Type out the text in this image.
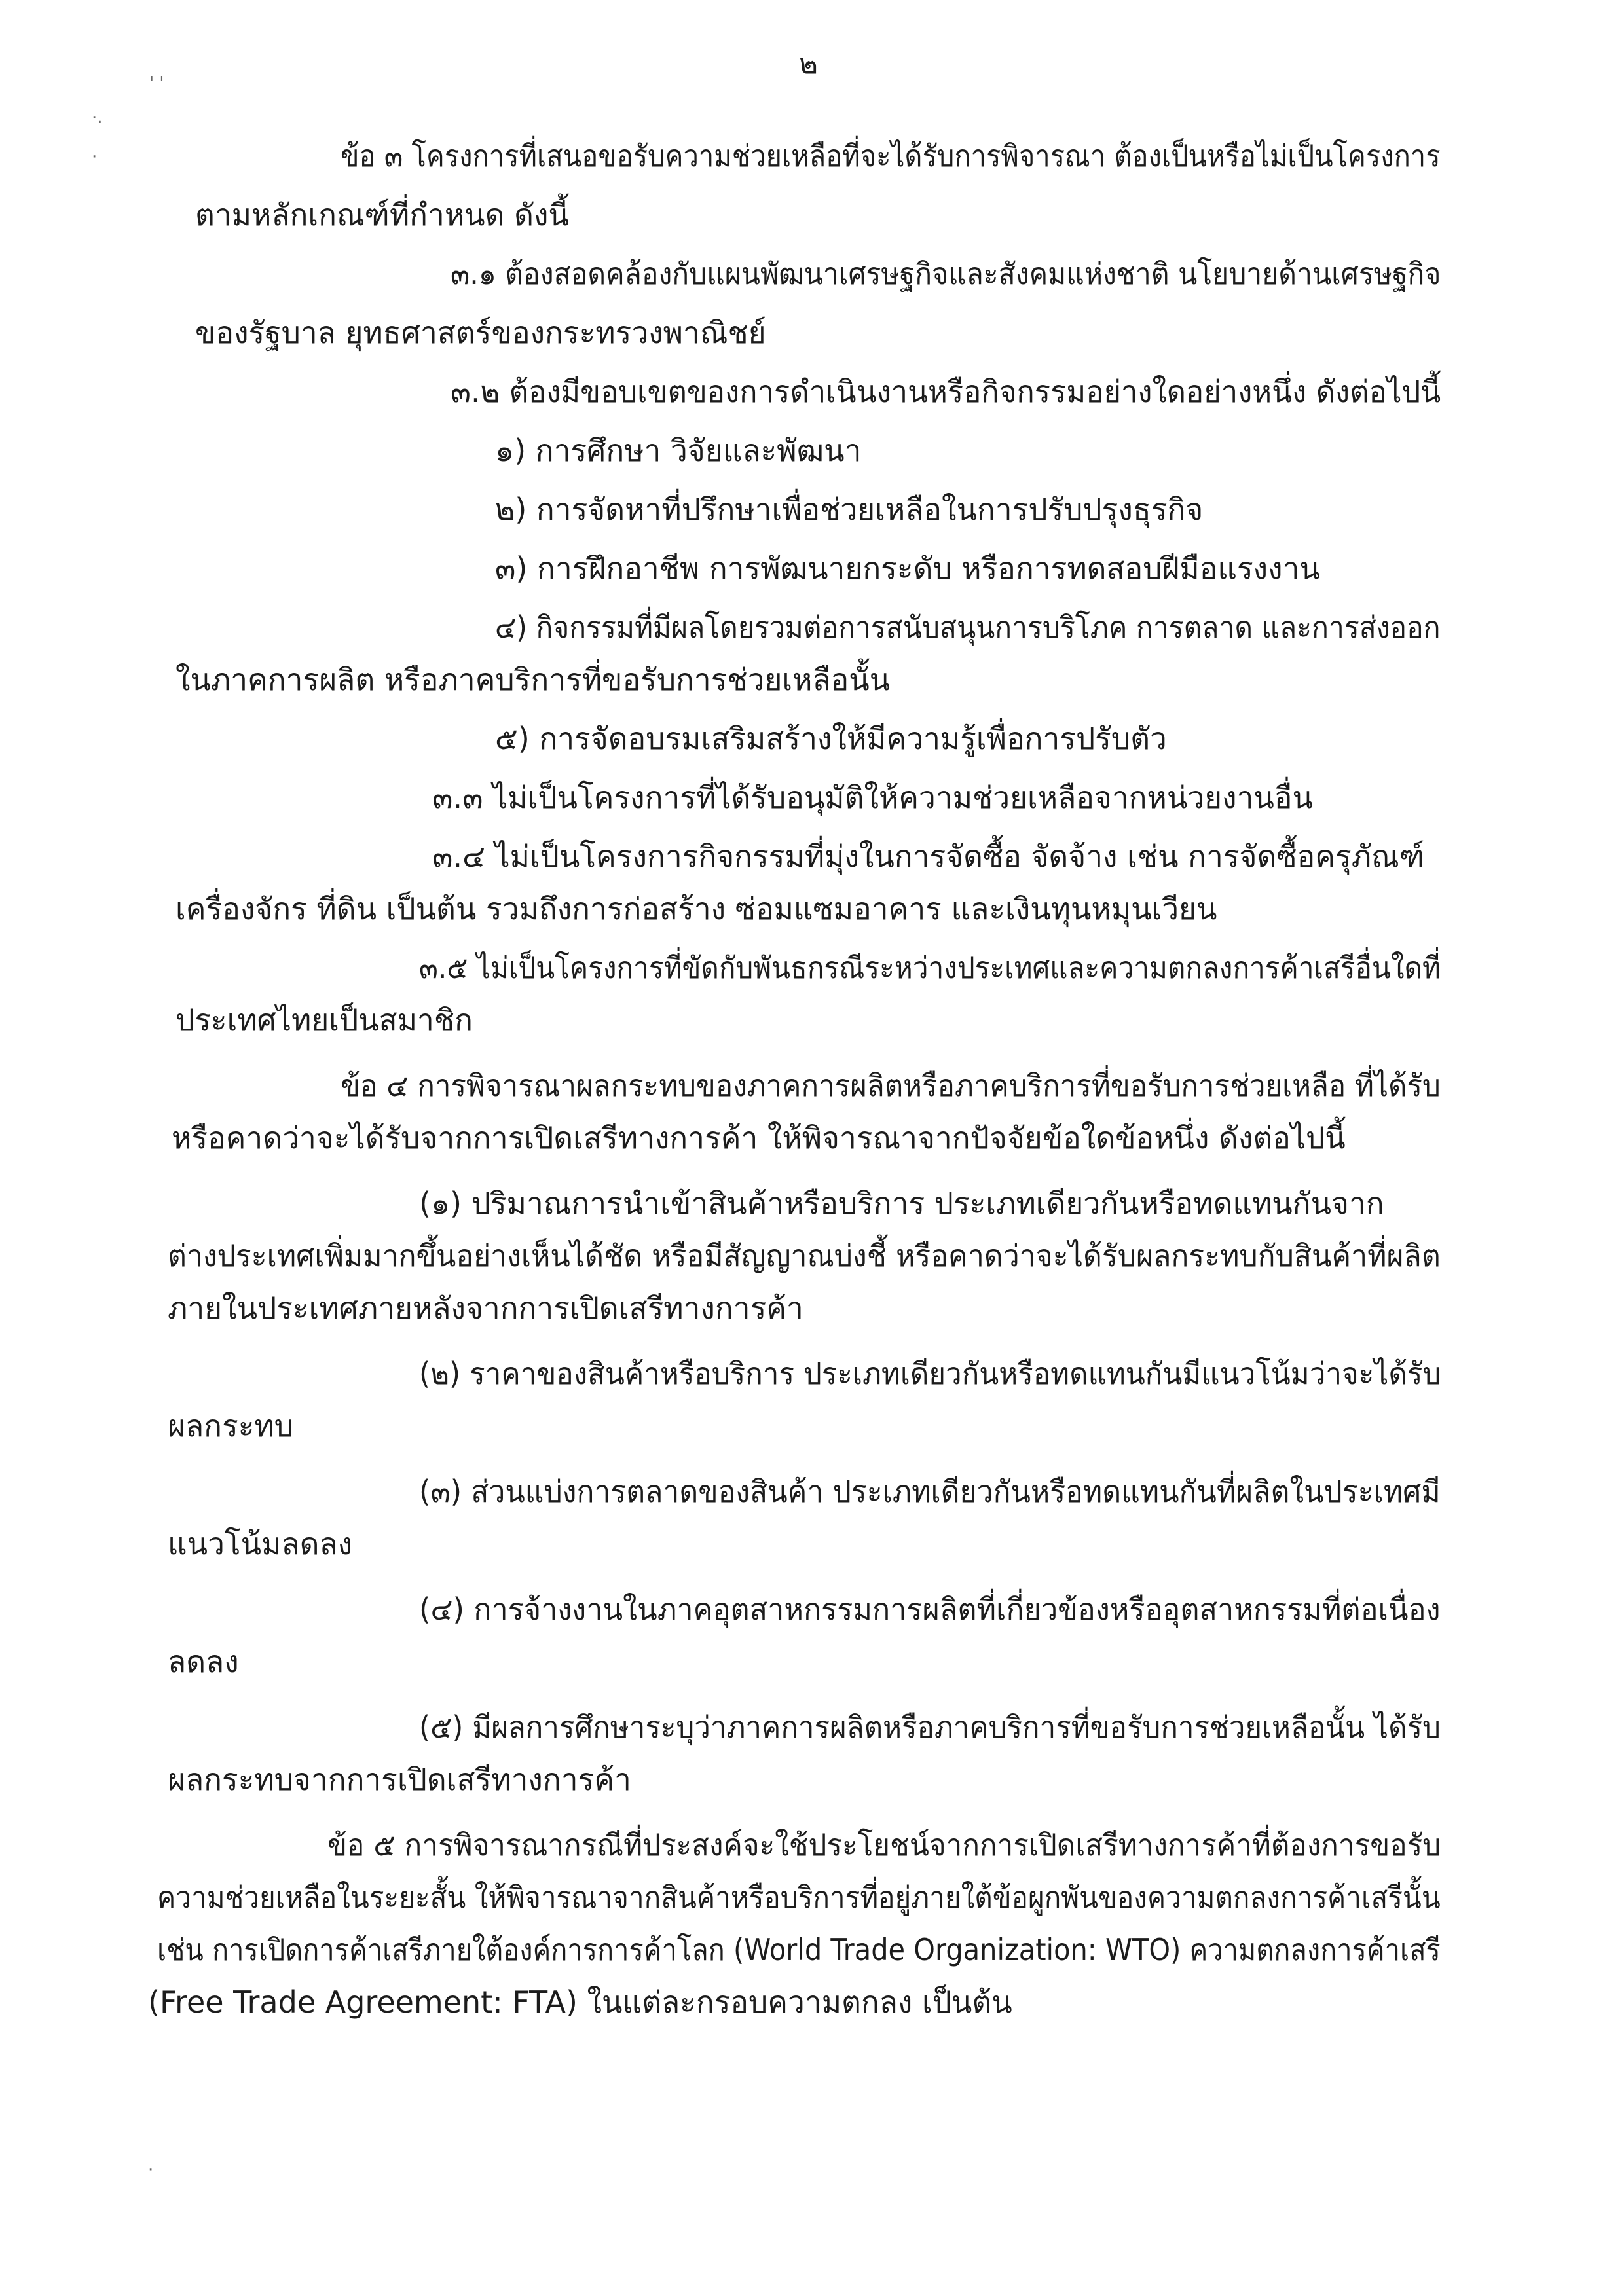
' '
·.
·
๒
ข้อ ๓ โครงการที่เสนอขอรับความช่วยเหลือที่จะได้รับการพิจารณา ต้องเป็นหรือไม่เป็นโครงการ
ตามหลักเกณฑ์ที่กำหนด ดังนี้
๓.๑ ต้องสอดคล้องกับแผนพัฒนาเศรษฐกิจและสังคมแห่งชาติ นโยบายด้านเศรษฐกิจ
ของรัฐบาล ยุทธศาสตร์ของกระทรวงพาณิชย์
๓.๒ ต้องมีขอบเขตของการดำเนินงานหรือกิจกรรมอย่างใดอย่างหนึ่ง ดังต่อไปนี้
๑) การศึกษา วิจัยและพัฒนา
๒) การจัดหาที่ปรึกษาเพื่อช่วยเหลือในการปรับปรุงธุรกิจ
๓) การฝึกอาชีพ การพัฒนายกระดับ หรือการทดสอบฝีมือแรงงาน
๔) กิจกรรมที่มีผลโดยรวมต่อการสนับสนุนการบริโภค การตลาด และการส่งออก
ในภาคการผลิต หรือภาคบริการที่ขอรับการช่วยเหลือนั้น
๕) การจัดอบรมเสริมสร้างให้มีความรู้เพื่อการปรับตัว
๓.๓ ไม่เป็นโครงการที่ได้รับอนุมัติให้ความช่วยเหลือจากหน่วยงานอื่น
๓.๔ ไม่เป็นโครงการกิจกรรมที่มุ่งในการจัดซื้อ จัดจ้าง เช่น การจัดซื้อครุภัณฑ์
เครื่องจักร ที่ดิน เป็นต้น รวมถึงการก่อสร้าง ซ่อมแซมอาคาร และเงินทุนหมุนเวียน
๓.๕ ไม่เป็นโครงการที่ขัดกับพันธกรณีระหว่างประเทศและความตกลงการค้าเสรีอื่นใดที่
ประเทศไทยเป็นสมาชิก
ข้อ ๔ การพิจารณาผลกระทบของภาคการผลิตหรือภาคบริการที่ขอรับการช่วยเหลือ ที่ได้รับ
หรือคาดว่าจะได้รับจากการเปิดเสรีทางการค้า ให้พิจารณาจากปัจจัยข้อใดข้อหนึ่ง ดังต่อไปนี้
(๑) ปริมาณการนำเข้าสินค้าหรือบริการ ประเภทเดียวกันหรือทดแทนกันจาก
ต่างประเทศเพิ่มมากขึ้นอย่างเห็นได้ชัด หรือมีสัญญาณบ่งชี้ หรือคาดว่าจะได้รับผลกระทบกับสินค้าที่ผลิต
ภายในประเทศภายหลังจากการเปิดเสรีทางการค้า
(๒) ราคาของสินค้าหรือบริการ ประเภทเดียวกันหรือทดแทนกันมีแนวโน้มว่าจะได้รับ
ผลกระทบ
(๓) ส่วนแบ่งการตลาดของสินค้า ประเภทเดียวกันหรือทดแทนกันที่ผลิตในประเทศมี
แนวโน้มลดลง
(๔) การจ้างงานในภาคอุตสาหกรรมการผลิตที่เกี่ยวข้องหรืออุตสาหกรรมที่ต่อเนื่อง
ลดลง
(๕) มีผลการศึกษาระบุว่าภาคการผลิตหรือภาคบริการที่ขอรับการช่วยเหลือนั้น ได้รับ
ผลกระทบจากการเปิดเสรีทางการค้า
ข้อ ๕ การพิจารณากรณีที่ประสงค์จะใช้ประโยชน์จากการเปิดเสรีทางการค้าที่ต้องการขอรับ
ความช่วยเหลือในระยะสั้น ให้พิจารณาจากสินค้าหรือบริการที่อยู่ภายใต้ข้อผูกพันของความตกลงการค้าเสรีนั้น
เช่น การเปิดการค้าเสรีภายใต้องค์การการค้าโลก (World Trade Organization: WTO) ความตกลงการค้าเสรี
(Free Trade Agreement: FTA) ในแต่ละกรอบความตกลง เป็นต้น
·
